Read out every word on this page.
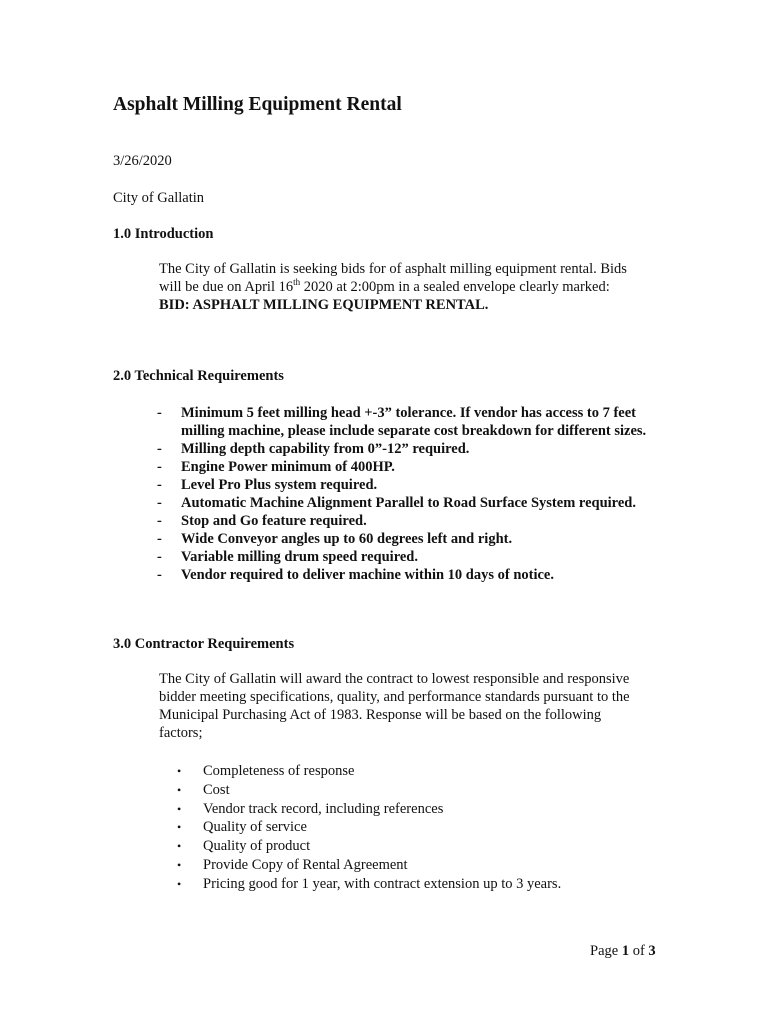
Asphalt Milling Equipment Rental
3/26/2020
City of Gallatin
1.0 Introduction
The City of Gallatin is seeking bids for of asphalt milling equipment rental. Bids
will be due on April 16th 2020 at 2:00pm in a sealed envelope clearly marked:
BID: ASPHALT MILLING EQUIPMENT RENTAL.
2.0 Technical Requirements
-	Minimum 5 feet milling head +-3” tolerance. If vendor has access to 7 feet milling machine, please include separate cost breakdown for different sizes.
-	Milling depth capability from 0”-12” required.
-	Engine Power minimum of 400HP.
-	Level Pro Plus system required.
-	Automatic Machine Alignment Parallel to Road Surface System required.
-	Stop and Go feature required.
-	Wide Conveyor angles up to 60 degrees left and right.
-	Variable milling drum speed required.
-	Vendor required to deliver machine within 10 days of notice.
3.0 Contractor Requirements
The City of Gallatin will award the contract to lowest responsible and responsive
bidder meeting specifications, quality, and performance standards pursuant to the
Municipal Purchasing Act of 1983. Response will be based on the following
factors;
•	Completeness of response
•	Cost
•	Vendor track record, including references
•	Quality of service
•	Quality of product
•	Provide Copy of Rental Agreement
•	Pricing good for 1 year, with contract extension up to 3 years.
Page 1 of 3
